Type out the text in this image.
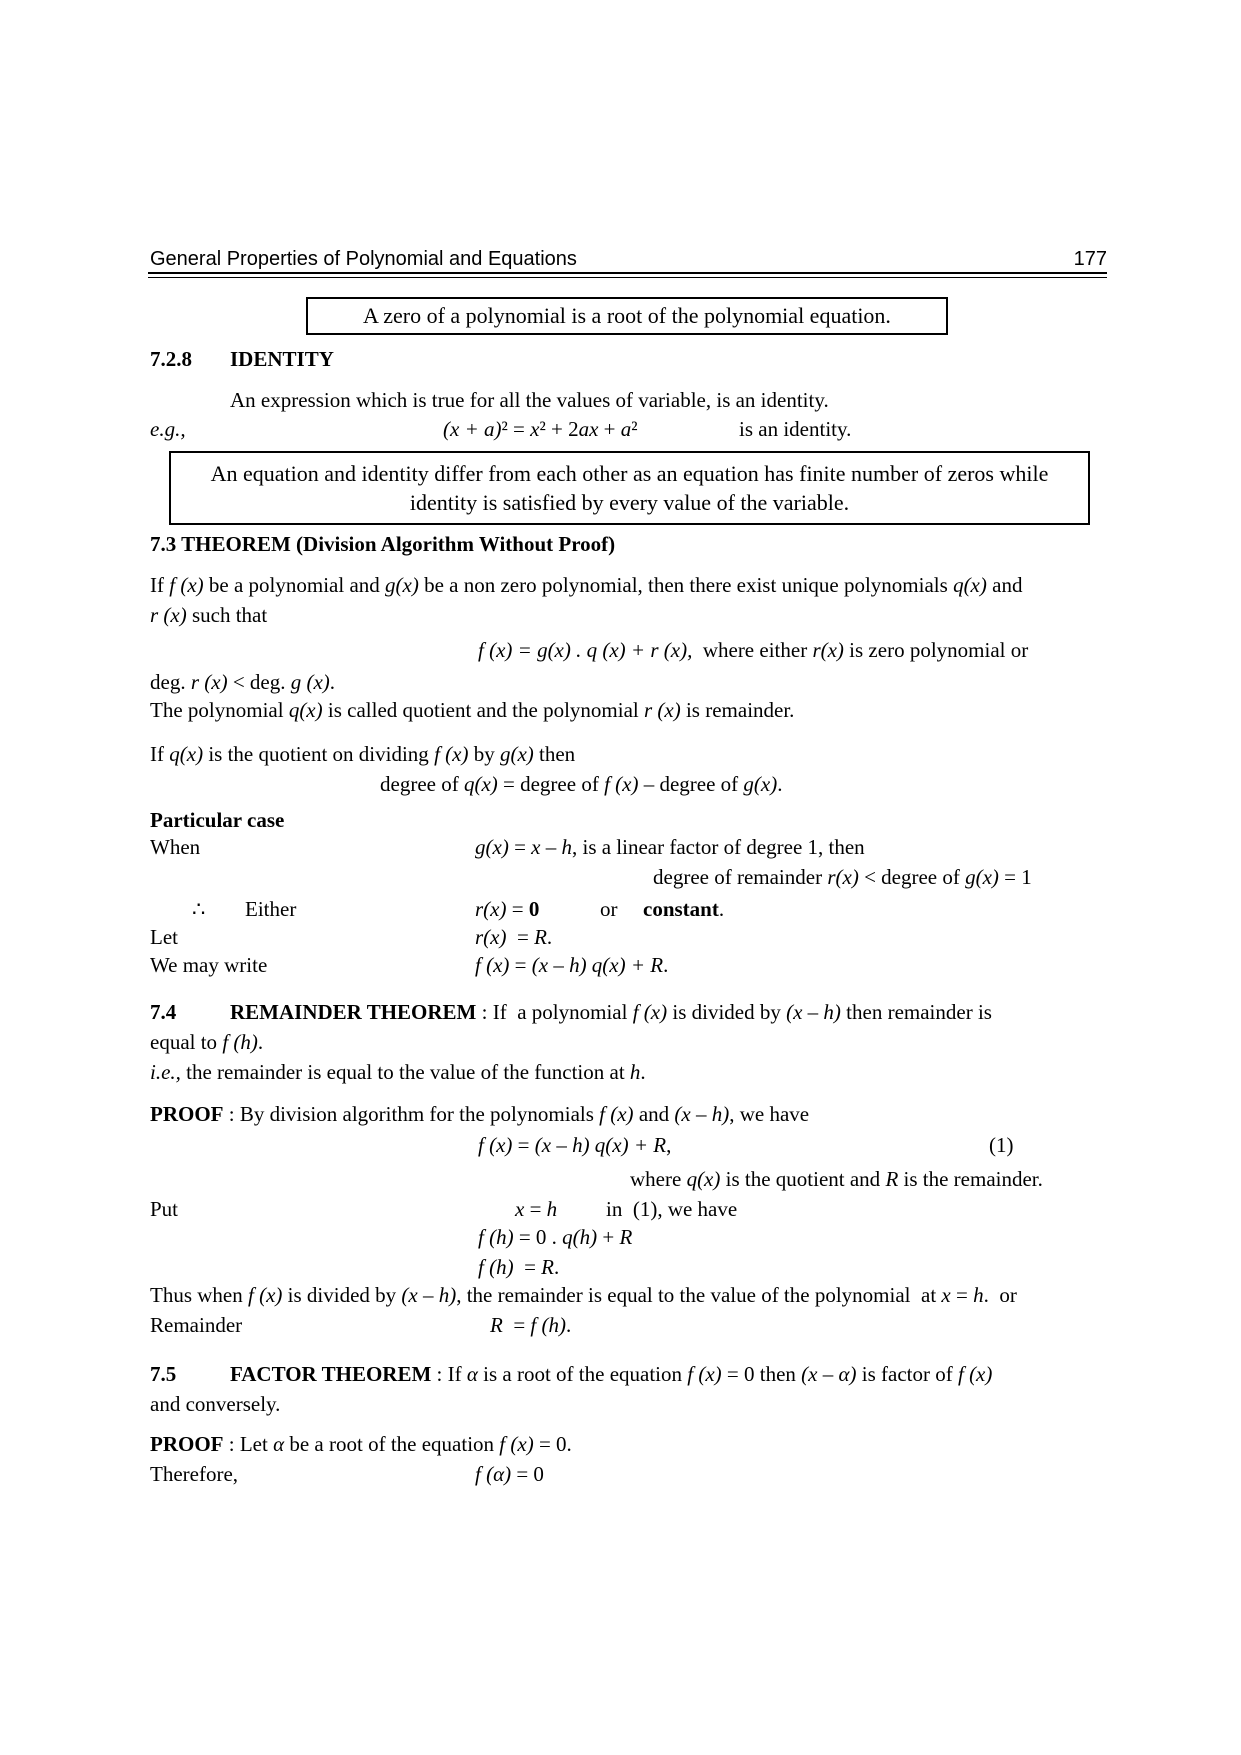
General Properties of Polynomial and Equations	177
A zero of a polynomial is a root of the polynomial equation.
7.2.8 IDENTITY
An expression which is true for all the values of variable, is an identity.
e.g.,	(x + a)² = x² + 2ax + a²	is an identity.
An equation and identity differ from each other as an equation has finite number of zeros while
identity is satisfied by every value of the variable.
7.3 THEOREM (Division Algorithm Without Proof)
If f (x) be a polynomial and g(x) be a non zero polynomial, then there exist unique polynomials q(x) and
r (x) such that
f (x) = g(x) . q (x) + r (x),  where either r(x) is zero polynomial or
deg. r (x) < deg. g (x).
The polynomial q(x) is called quotient and the polynomial r (x) is remainder.
If q(x) is the quotient on dividing f (x) by g(x) then
degree of q(x) = degree of f (x) – degree of g(x).
Particular case
When	g(x) = x – h, is a linear factor of degree 1, then
degree of remainder r(x) < degree of g(x) = 1
∴ Either	r(x) = 0	or constant.
Let	r(x)  = R.
We may write	f (x) = (x – h) q(x) + R.
7.4	REMAINDER THEOREM : If  a polynomial f (x) is divided by (x – h) then remainder is
equal to f (h).
i.e., the remainder is equal to the value of the function at h.
PROOF : By division algorithm for the polynomials f (x) and (x – h), we have
f (x) = (x – h) q(x) + R,	(1)
where q(x) is the quotient and R is the remainder.
Put	x = h in  (1), we have
f (h) = 0 . q(h) + R
f (h)  = R.
Thus when f (x) is divided by (x – h), the remainder is equal to the value of the polynomial  at x = h.  or
Remainder	R  = f (h).
7.5	FACTOR THEOREM : If α is a root of the equation f (x) = 0 then (x – α) is factor of f (x)
and conversely.
PROOF : Let α be a root of the equation f (x) = 0.
Therefore,	f (α) = 0
